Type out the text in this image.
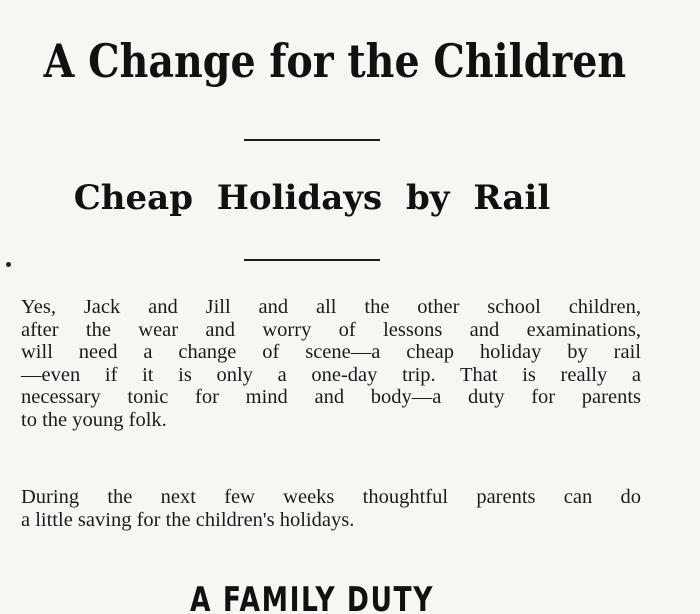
A Change for the Children
Cheap Holidays by Rail

Yes, Jack and Jill and all the other school children,
after the wear and worry of lessons and examinations,
will need a change of scene—a cheap holiday by rail
—even if it is only a one-day trip. That is really a
necessary tonic for mind and body—a duty for parents
to the young folk.

During the next few weeks thoughtful parents can do
a little saving for the children's holidays.

A FAMILY DUTY
